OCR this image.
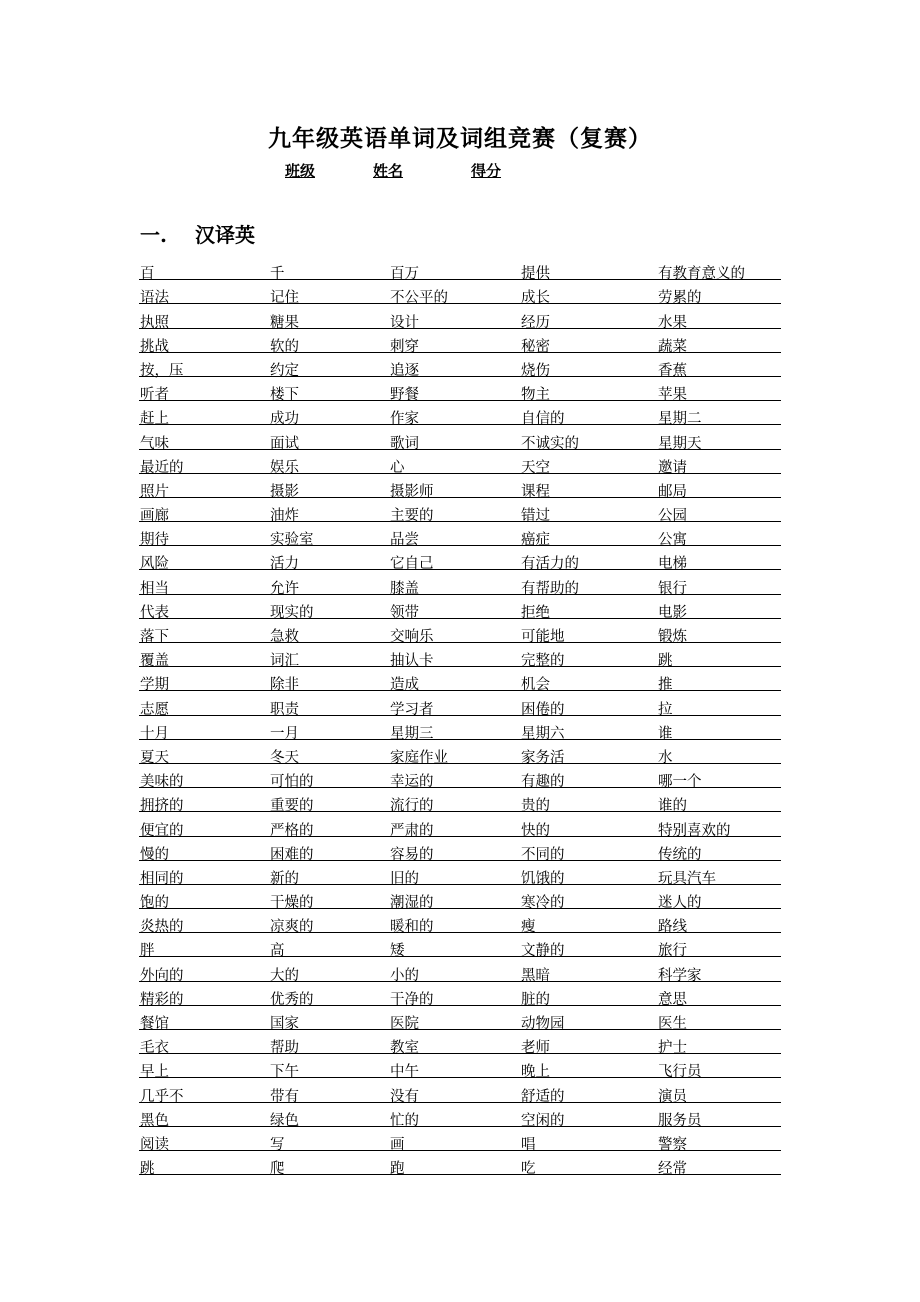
九年级英语单词及词组竞赛（复赛）
班级	姓名	得分
一. 汉译英
百	千	百万	提供	有教育意义的
语法	记住	不公平的	成长	劳累的
执照	糖果	设计	经历	水果
挑战	软的	刺穿	秘密	蔬菜
按，压	约定	追逐	烧伤	香蕉
听者	楼下	野餐	物主	苹果
赶上	成功	作家	自信的	星期二
气味	面试	歌词	不诚实的	星期天
最近的	娱乐	心	天空	邀请
照片	摄影	摄影师	课程	邮局
画廊	油炸	主要的	错过	公园
期待	实验室	品尝	癌症	公寓
风险	活力	它自己	有活力的	电梯
相当	允许	膝盖	有帮助的	银行
代表	现实的	领带	拒绝	电影
落下	急救	交响乐	可能地	锻炼
覆盖	词汇	抽认卡	完整的	跳
学期	除非	造成	机会	推
志愿	职责	学习者	困倦的	拉
十月	一月	星期三	星期六	谁
夏天	冬天	家庭作业	家务活	水
美味的	可怕的	幸运的	有趣的	哪一个
拥挤的	重要的	流行的	贵的	谁的
便宜的	严格的	严肃的	快的	特别喜欢的
慢的	困难的	容易的	不同的	传统的
相同的	新的	旧的	饥饿的	玩具汽车
饱的	干燥的	潮湿的	寒冷的	迷人的
炎热的	凉爽的	暖和的	瘦	路线
胖	高	矮	文静的	旅行
外向的	大的	小的	黑暗	科学家
精彩的	优秀的	干净的	脏的	意思
餐馆	国家	医院	动物园	医生
毛衣	帮助	教室	老师	护士
早上	下午	中午	晚上	飞行员
几乎不	带有	没有	舒适的	演员
黑色	绿色	忙的	空闲的	服务员
阅读	写	画	唱	警察
跳	爬	跑	吃	经常
